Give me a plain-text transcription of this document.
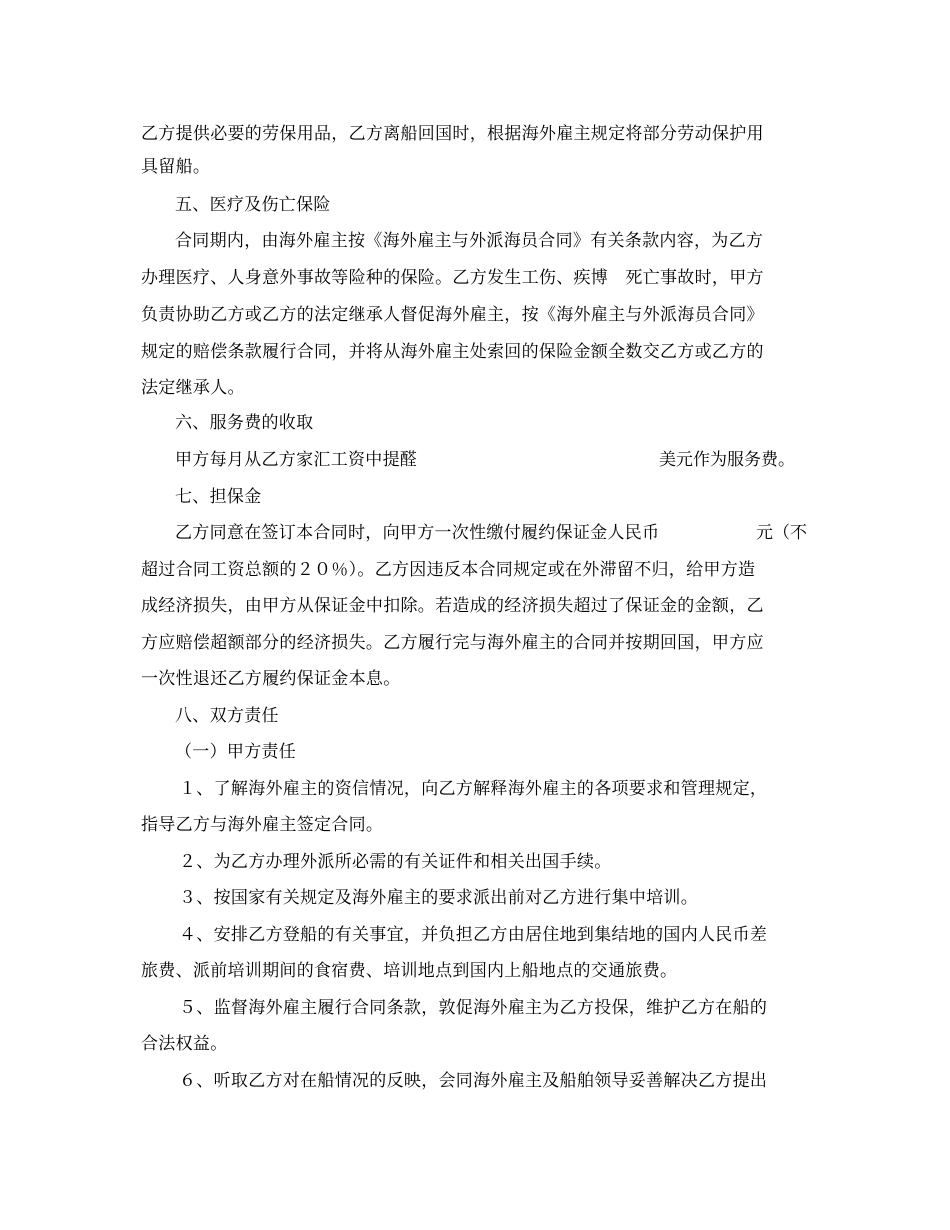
乙方提供必要的劳保用品，乙方离船回国时，根据海外雇主规定将部分劳动保护用
具留船。
五、医疗及伤亡保险
合同期内，由海外雇主按《海外雇主与外派海员合同》有关条款内容，为乙方
办理医疗、人身意外事故等险种的保险。乙方发生工伤、疾博　死亡事故时，甲方
负责协助乙方或乙方的法定继承人督促海外雇主，按《海外雇主与外派海员合同》
规定的赔偿条款履行合同，并将从海外雇主处索回的保险金额全数交乙方或乙方的
法定继承人。
六、服务费的收取
甲方每月从乙方家汇工资中提醛	美元作为服务费。
七、担保金
乙方同意在签订本合同时，向甲方一次性缴付履约保证金人民币	元（不
超过合同工资总额的２０％）。乙方因违反本合同规定或在外滞留不归，给甲方造
成经济损失，由甲方从保证金中扣除。若造成的经济损失超过了保证金的金额，乙
方应赔偿超额部分的经济损失。乙方履行完与海外雇主的合同并按期回国，甲方应
一次性退还乙方履约保证金本息。
八、双方责任
（一）甲方责任
１、了解海外雇主的资信情况，向乙方解释海外雇主的各项要求和管理规定，
指导乙方与海外雇主签定合同。
２、为乙方办理外派所必需的有关证件和相关出国手续。
３、按国家有关规定及海外雇主的要求派出前对乙方进行集中培训。
４、安排乙方登船的有关事宜，并负担乙方由居住地到集结地的国内人民币差
旅费、派前培训期间的食宿费、培训地点到国内上船地点的交通旅费。
５、监督海外雇主履行合同条款，敦促海外雇主为乙方投保，维护乙方在船的
合法权益。
６、听取乙方对在船情况的反映，会同海外雇主及船舶领导妥善解决乙方提出
